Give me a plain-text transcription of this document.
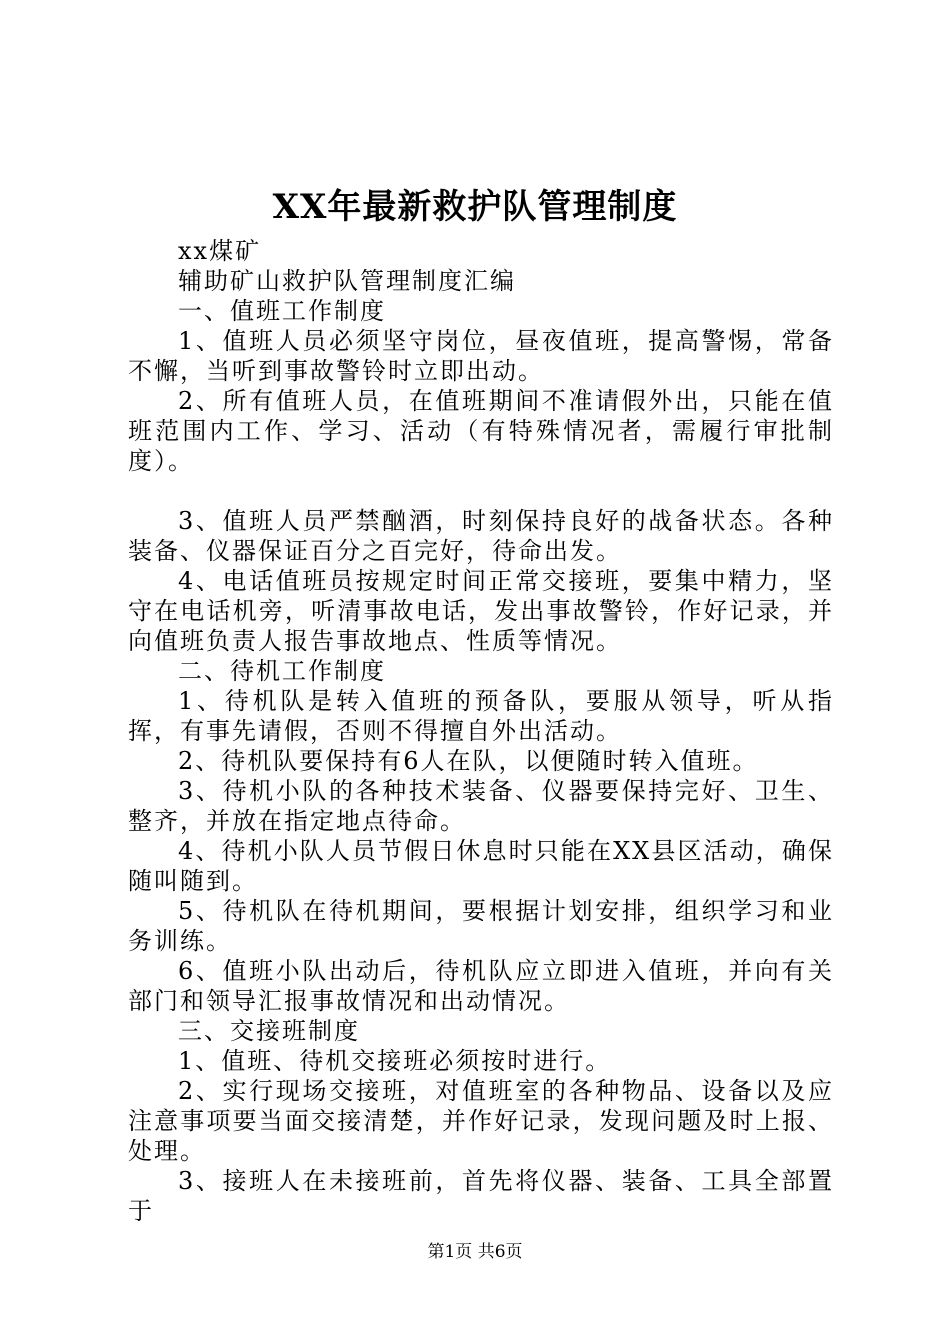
XX年最新救护队管理制度

xx煤矿

辅助矿山救护队管理制度汇编

一、值班工作制度

1、值班人员必须坚守岗位，昼夜值班，提高警惕，常备不懈，当听到事故警铃时立即出动。

2、所有值班人员，在值班期间不准请假外出，只能在值班范围内工作、学习、活动（有特殊情况者，需履行审批制度）。

3、值班人员严禁酗酒，时刻保持良好的战备状态。各种装备、仪器保证百分之百完好，待命出发。

4、电话值班员按规定时间正常交接班，要集中精力，坚守在电话机旁，听清事故电话，发出事故警铃，作好记录，并向值班负责人报告事故地点、性质等情况。

二、待机工作制度

1、待机队是转入值班的预备队，要服从领导，听从指挥，有事先请假，否则不得擅自外出活动。

2、待机队要保持有6人在队，以便随时转入值班。

3、待机小队的各种技术装备、仪器要保持完好、卫生、整齐，并放在指定地点待命。

4、待机小队人员节假日休息时只能在XX县区活动，确保随叫随到。

5、待机队在待机期间，要根据计划安排，组织学习和业务训练。

6、值班小队出动后，待机队应立即进入值班，并向有关部门和领导汇报事故情况和出动情况。

三、交接班制度

1、值班、待机交接班必须按时进行。

2、实行现场交接班，对值班室的各种物品、设备以及应注意事项要当面交接清楚，并作好记录，发现问题及时上报、处理。

3、接班人在未接班前，首先将仪器、装备、工具全部置于

第1页 共6页
